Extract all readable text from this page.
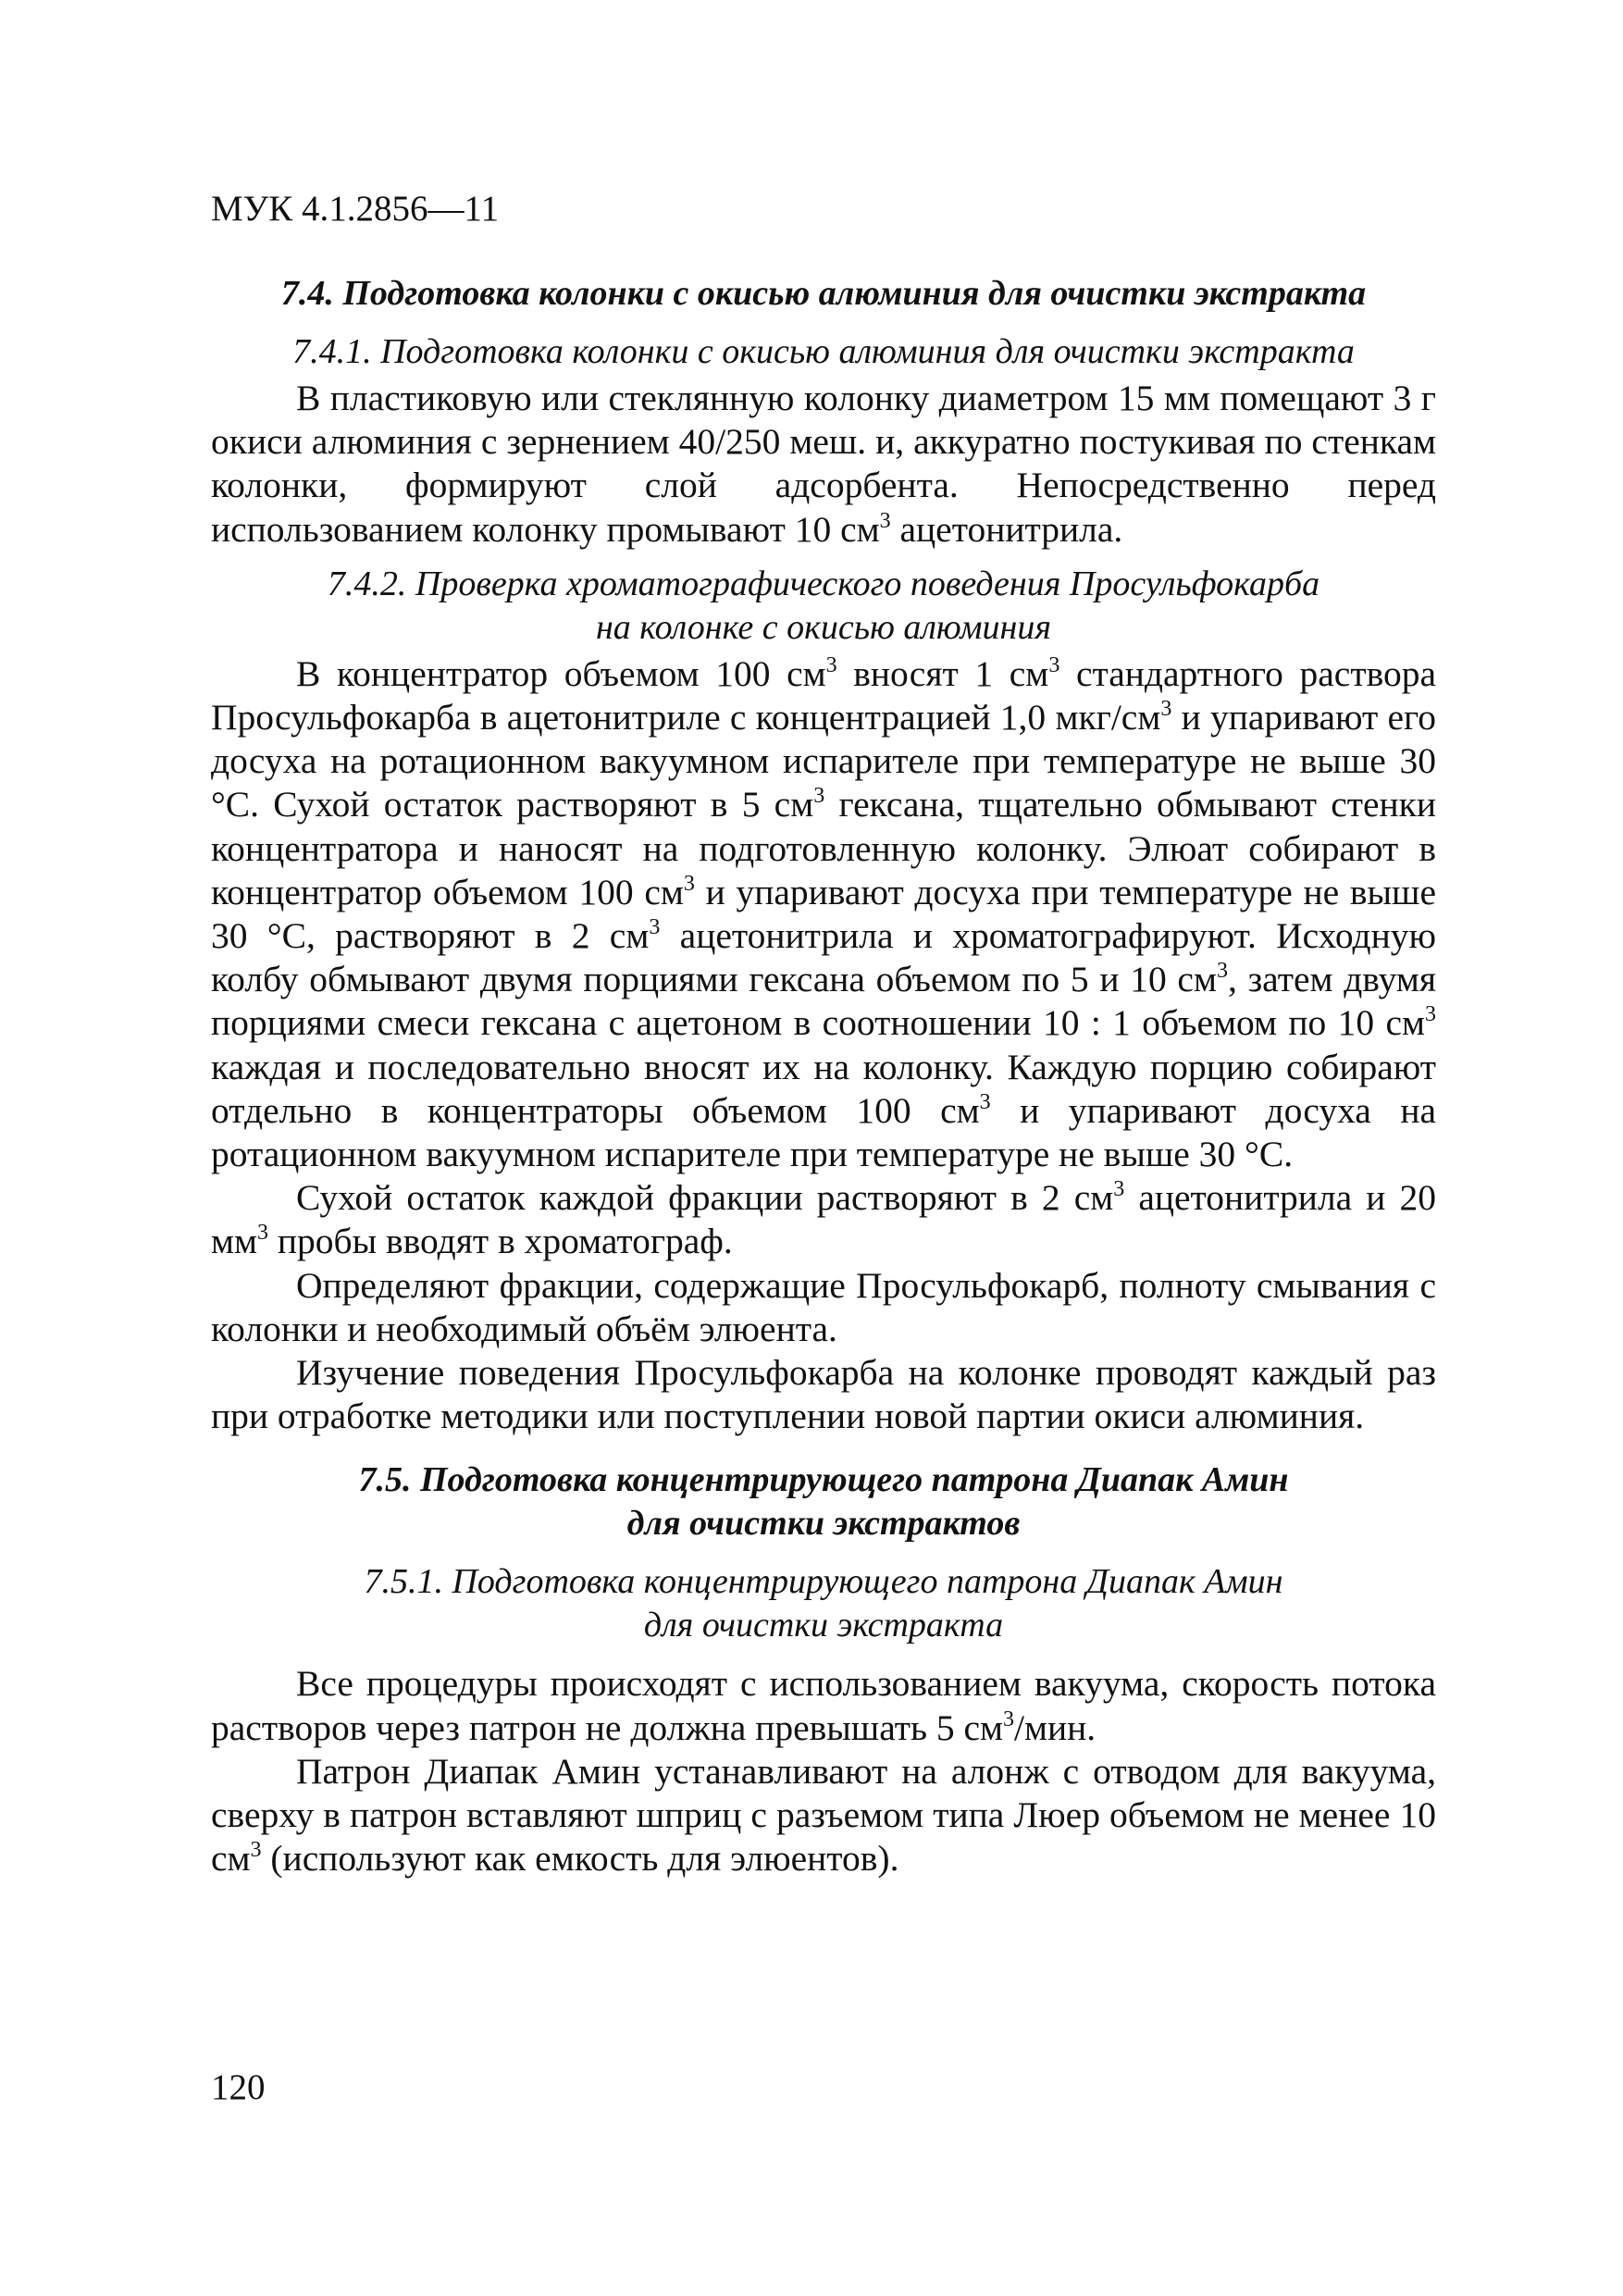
МУК 4.1.2856—11
7.4. Подготовка колонки с окисью алюминия для очистки экстракта
7.4.1. Подготовка колонки с окисью алюминия для очистки экстракта

В пластиковую или стеклянную колонку диаметром 15 мм помещают 3 г окиси алюминия с зернением 40/250 меш. и, аккуратно постукивая по стенкам колонки, формируют слой адсорбента. Непосредственно перед использованием колонку промывают 10 $см^3$ ацетонитрила.

7.4.2. Проверка хроматографического поведения Просульфокарба
на колонке с окисью алюминия

В концентратор объемом 100 $см^3$ вносят 1 $см^3$ стандартного раствора Просульфокарба в ацетонитриле с концентрацией 1,0 мкг/$см^3$ и упаривают его досуха на ротационном вакуумном испарителе при температуре не выше 30 °С. Сухой остаток растворяют в 5 $см^3$ гексана, тщательно обмывают стенки концентратора и наносят на подготовленную колонку. Элюат собирают в концентратор объемом 100 $см^3$ и упаривают досуха при температуре не выше 30 °С, растворяют в 2 $см^3$ ацетонитрила и хроматографируют. Исходную колбу обмывают двумя порциями гексана объемом по 5 и 10 $см^3$, затем двумя порциями смеси гексана с ацетоном в соотношении 10 : 1 объемом по 10 $см^3$ каждая и последовательно вносят их на колонку. Каждую порцию собирают отдельно в концентраторы объемом 100 $см^3$ и упаривают досуха на ротационном вакуумном испарителе при температуре не выше 30 °С.

Сухой остаток каждой фракции растворяют в 2 $см^3$ ацетонитрила и 20 $мм^3$ пробы вводят в хроматограф.

Определяют фракции, содержащие Просульфокарб, полноту смывания с колонки и необходимый объём элюента.

Изучение поведения Просульфокарба на колонке проводят каждый раз при отработке методики или поступлении новой партии окиси алюминия.

7.5. Подготовка концентрирующего патрона Диапак Амин
для очистки экстрактов
7.5.1. Подготовка концентрирующего патрона Диапак Амин
для очистки экстракта

Все процедуры происходят с использованием вакуума, скорость потока растворов через патрон не должна превышать 5 $см^3$/мин.

Патрон Диапак Амин устанавливают на алонж с отводом для вакуума, сверху в патрон вставляют шприц с разъемом типа Люер объемом не менее 10 $см^3$ (используют как емкость для элюентов).

120
